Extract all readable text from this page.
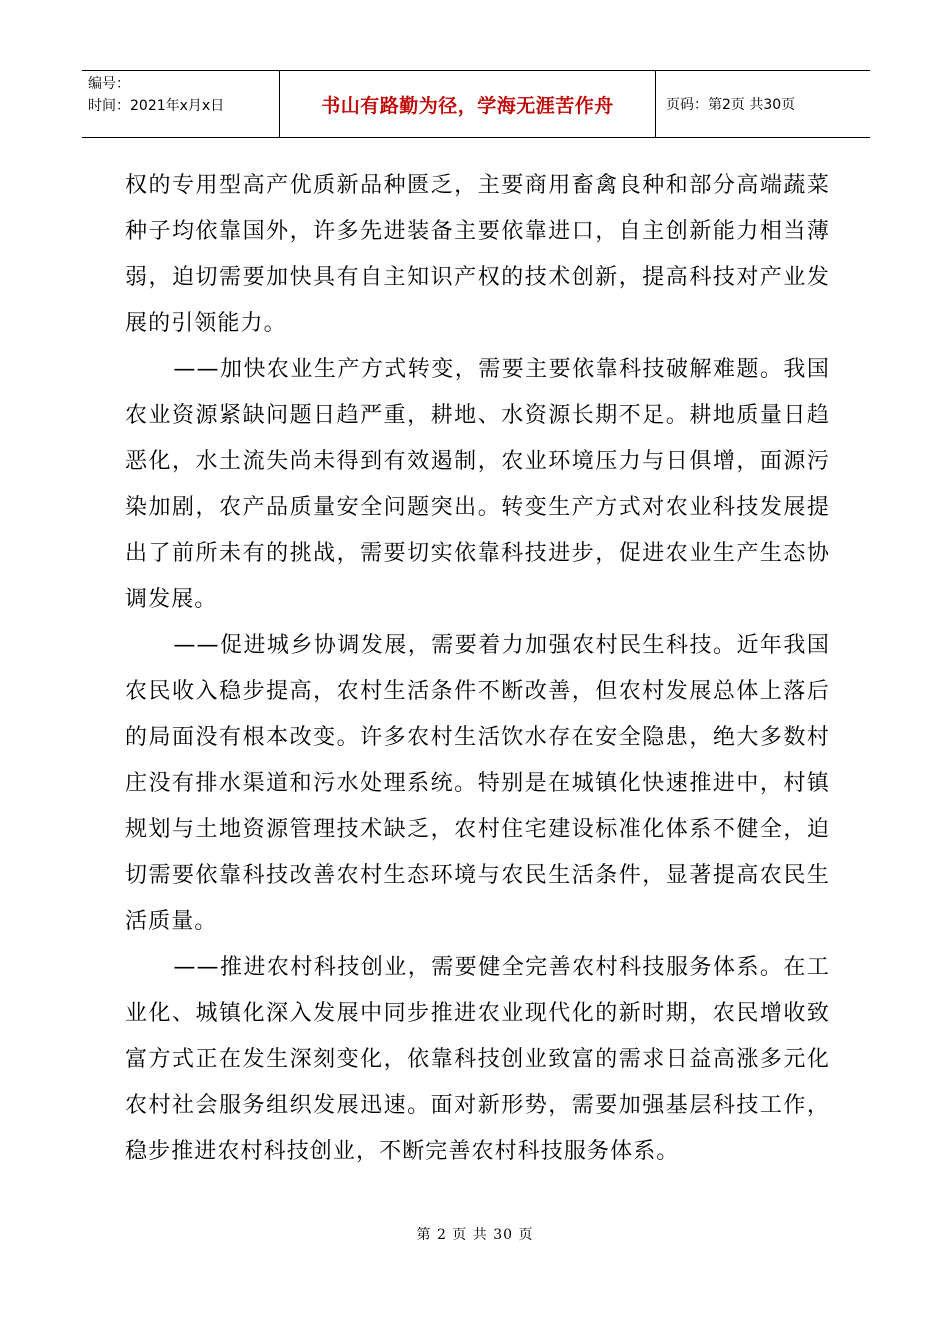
编号：
时间：2021年x月x日	书山有路勤为径，学海无涯苦作舟	页码：第2页 共30页

权的专用型高产优质新品种匮乏，主要商用畜禽良种和部分高端蔬菜种子均依靠国外，许多先进装备主要依靠进口，自主创新能力相当薄弱，迫切需要加快具有自主知识产权的技术创新，提高科技对产业发展的引领能力。

——加快农业生产方式转变，需要主要依靠科技破解难题。我国农业资源紧缺问题日趋严重，耕地、水资源长期不足。耕地质量日趋恶化，水土流失尚未得到有效遏制，农业环境压力与日俱增，面源污染加剧，农产品质量安全问题突出。转变生产方式对农业科技发展提出了前所未有的挑战，需要切实依靠科技进步，促进农业生产生态协调发展。

——促进城乡协调发展，需要着力加强农村民生科技。近年我国农民收入稳步提高，农村生活条件不断改善，但农村发展总体上落后的局面没有根本改变。许多农村生活饮水存在安全隐患，绝大多数村庄没有排水渠道和污水处理系统。特别是在城镇化快速推进中，村镇规划与土地资源管理技术缺乏，农村住宅建设标准化体系不健全，迫切需要依靠科技改善农村生态环境与农民生活条件，显著提高农民生活质量。

——推进农村科技创业，需要健全完善农村科技服务体系。在工业化、城镇化深入发展中同步推进农业现代化的新时期，农民增收致富方式正在发生深刻变化，依靠科技创业致富的需求日益高涨多元化农村社会服务组织发展迅速。面对新形势，需要加强基层科技工作，稳步推进农村科技创业，不断完善农村科技服务体系。

第 2 页 共 30 页
